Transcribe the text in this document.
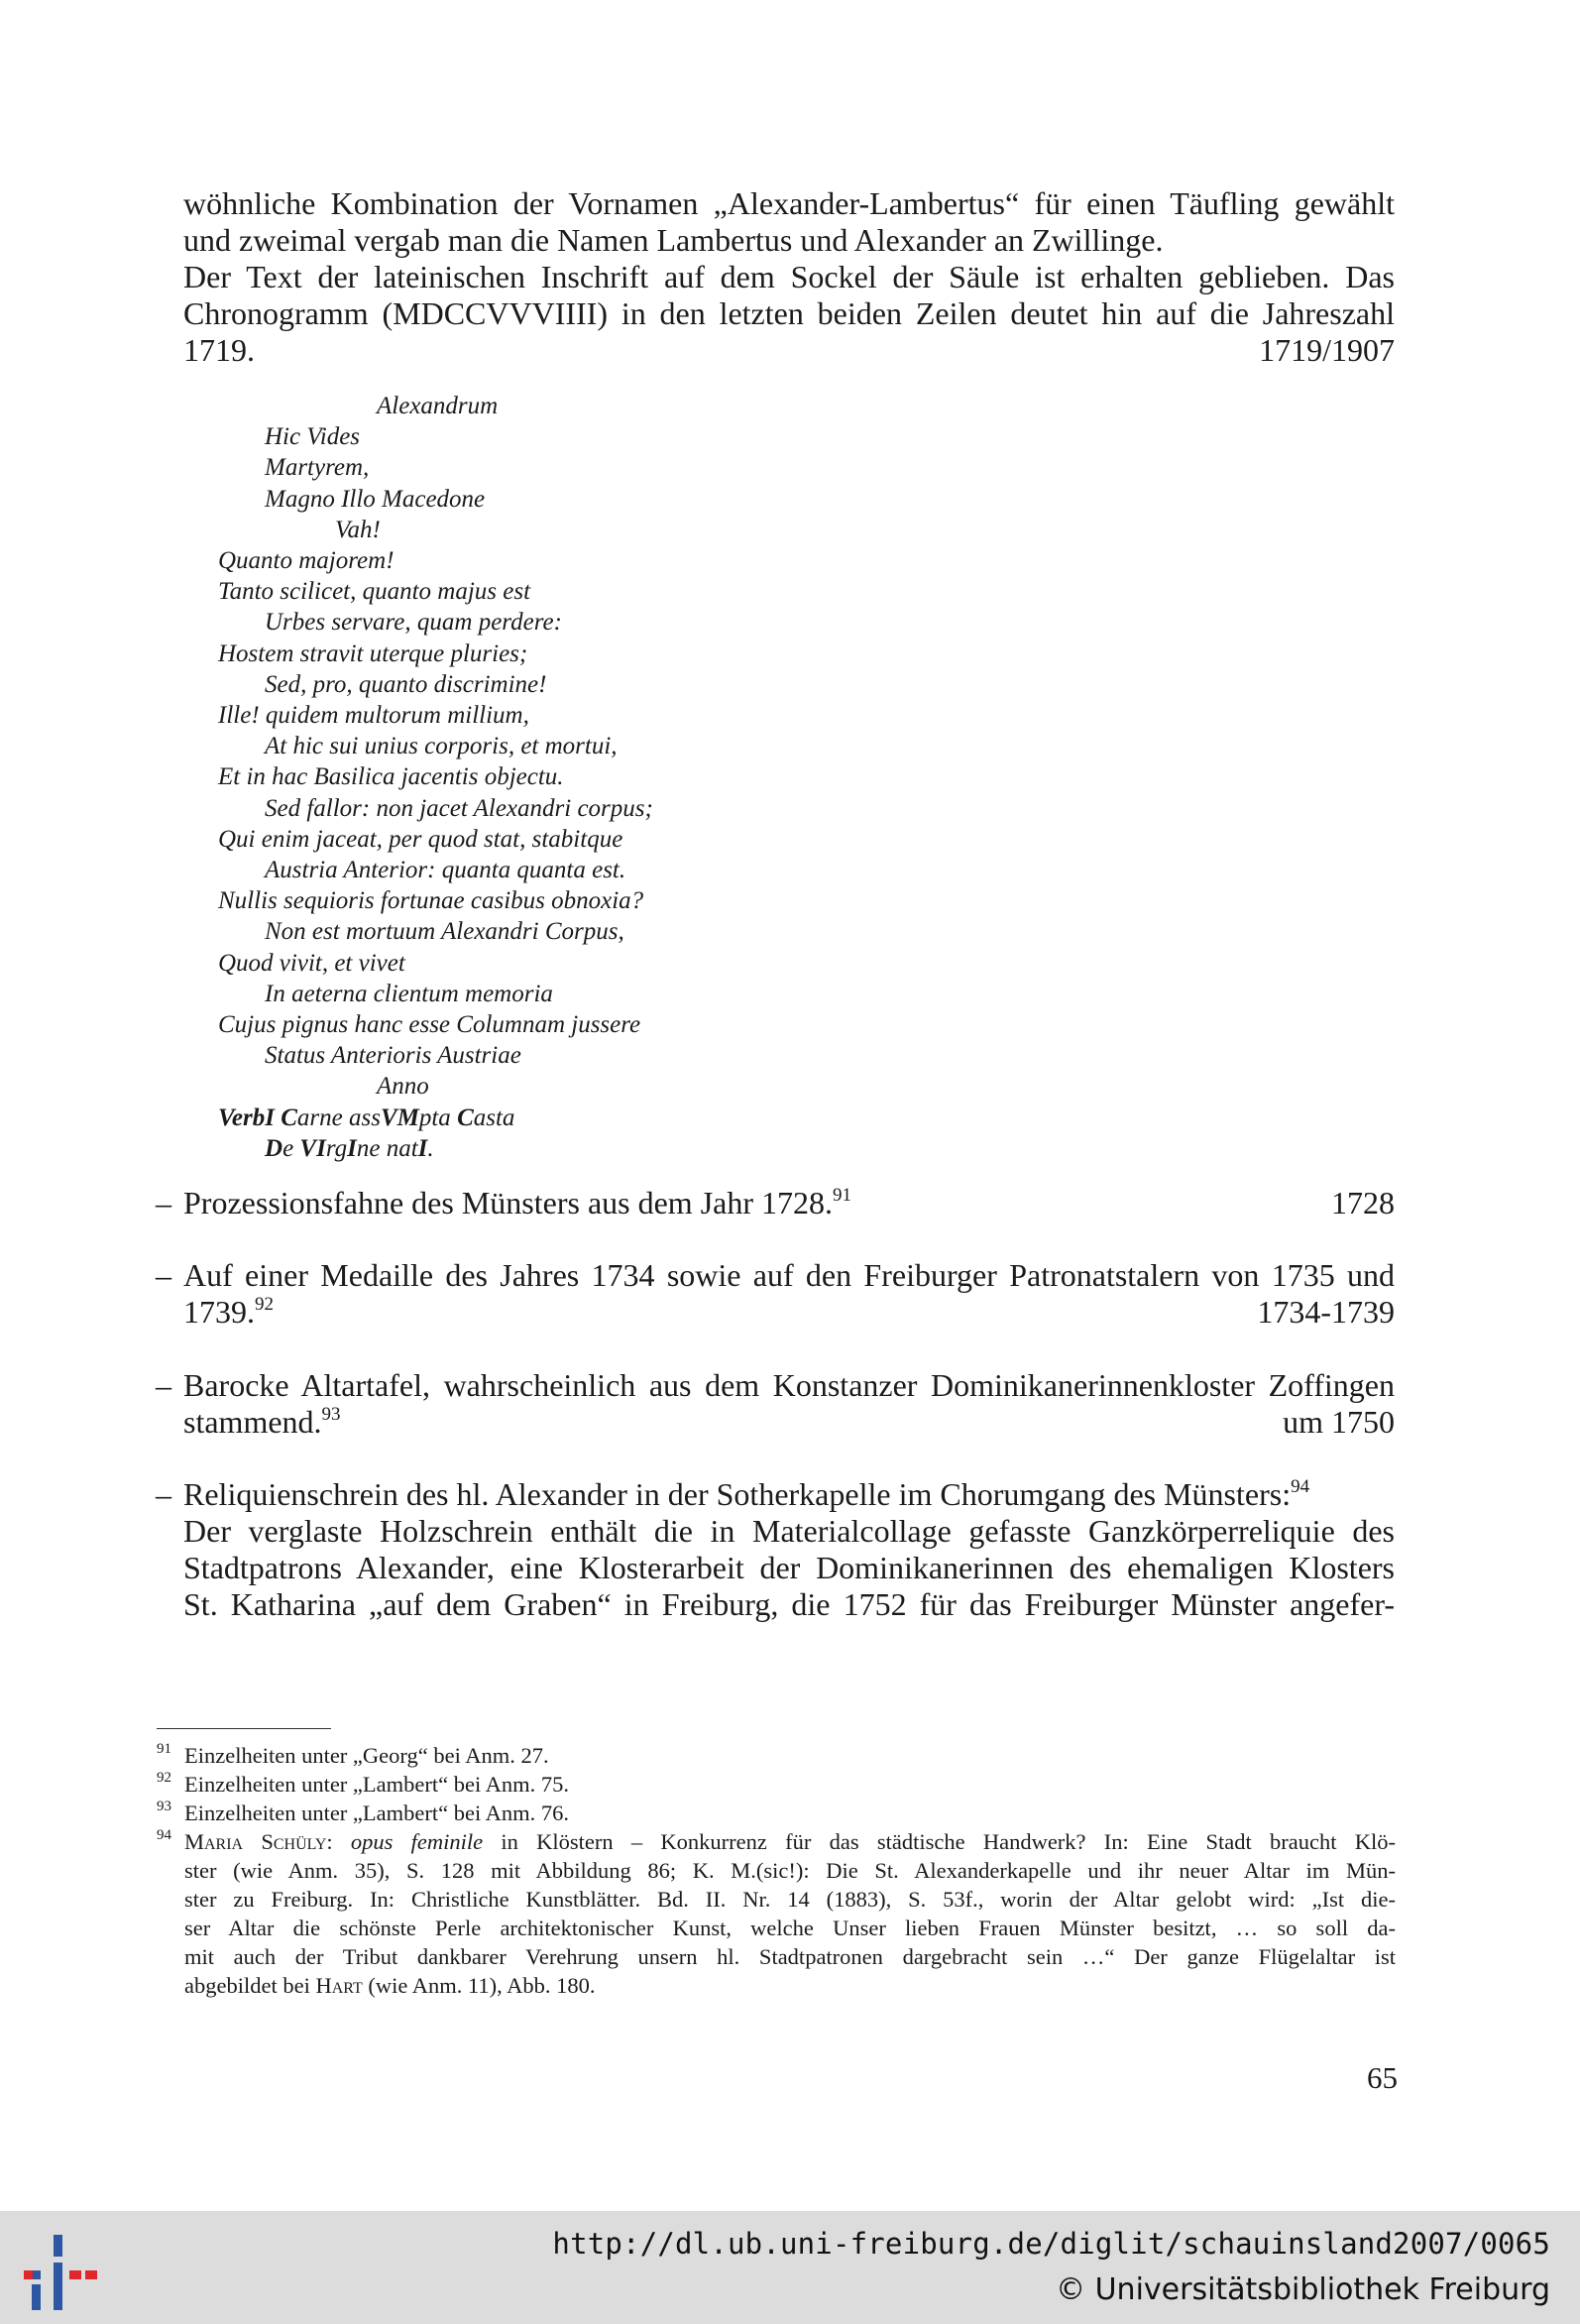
wöhnliche Kombination der Vornamen „Alexander-Lambertus“ für einen Täufling gewählt
und zweimal vergab man die Namen Lambertus und Alexander an Zwillinge.
Der Text der lateinischen Inschrift auf dem Sockel der Säule ist erhalten geblieben. Das
Chronogramm (MDCCVVVIIII) in den letzten beiden Zeilen deutet hin auf die Jahreszahl
1719.	1719/1907
Alexandrum
Hic Vides
Martyrem,
Magno Illo Macedone
Vah!
Quanto majorem!
Tanto scilicet, quanto majus est
Urbes servare, quam perdere:
Hostem stravit uterque pluries;
Sed, pro, quanto discrimine!
Ille! quidem multorum millium,
At hic sui unius corporis, et mortui,
Et in hac Basilica jacentis objectu.
Sed fallor: non jacet Alexandri corpus;
Qui enim jaceat, per quod stat, stabitque
Austria Anterior: quanta quanta est.
Nullis sequioris fortunae casibus obnoxia?
Non est mortuum Alexandri Corpus,
Quod vivit, et vivet
In aeterna clientum memoria
Cujus pignus hanc esse Columnam jussere
Status Anterioris Austriae
Anno
VerbI Carne assVMpta Casta
De VIrgIne natI.
Prozessionsfahne des Münsters aus dem Jahr 1728.91	1728
Auf einer Medaille des Jahres 1734 sowie auf den Freiburger Patronatstalern von 1735 und
1739.92	1734-1739
Barocke Altartafel, wahrscheinlich aus dem Konstanzer Dominikanerinnenkloster Zoffingen
stammend.$^{93}$	um 1750
Reliquienschrein des hl. Alexander in der Sotherkapelle im Chorumgang des Münsters:$^{94}$
Der verglaste Holzschrein enthält die in Materialcollage gefasste Ganzkörperreliquie des
Stadtpatrons Alexander, eine Klosterarbeit der Dominikanerinnen des ehemaligen Klosters
St. Katharina „auf dem Graben“ in Freiburg, die 1752 für das Freiburger Münster angefer-
91 Einzelheiten unter „Georg“ bei Anm. 27.
92 Einzelheiten unter „Lambert“ bei Anm. 75.
93 Einzelheiten unter „Lambert“ bei Anm. 76.
94 Maria Schüly: opus feminile in Klöstern – Konkurrenz für das städtische Handwerk? In: Eine Stadt braucht Klö-
ster (wie Anm. 35), S. 128 mit Abbildung 86; K. M.(sic!): Die St. Alexanderkapelle und ihr neuer Altar im Mün-
ster zu Freiburg. In: Christliche Kunstblätter. Bd. II. Nr. 14 (1883), S. 53f., worin der Altar gelobt wird: „Ist die-
ser Altar die schönste Perle architektonischer Kunst, welche Unser lieben Frauen Münster besitzt, … so soll da-
mit auch der Tribut dankbarer Verehrung unsern hl. Stadtpatronen dargebracht sein …“ Der ganze Flügelaltar ist
abgebildet bei Hart (wie Anm. 11), Abb. 180.
65
http://dl.ub.uni-freiburg.de/diglit/schauinsland2007/0065
© Universitätsbibliothek Freiburg
